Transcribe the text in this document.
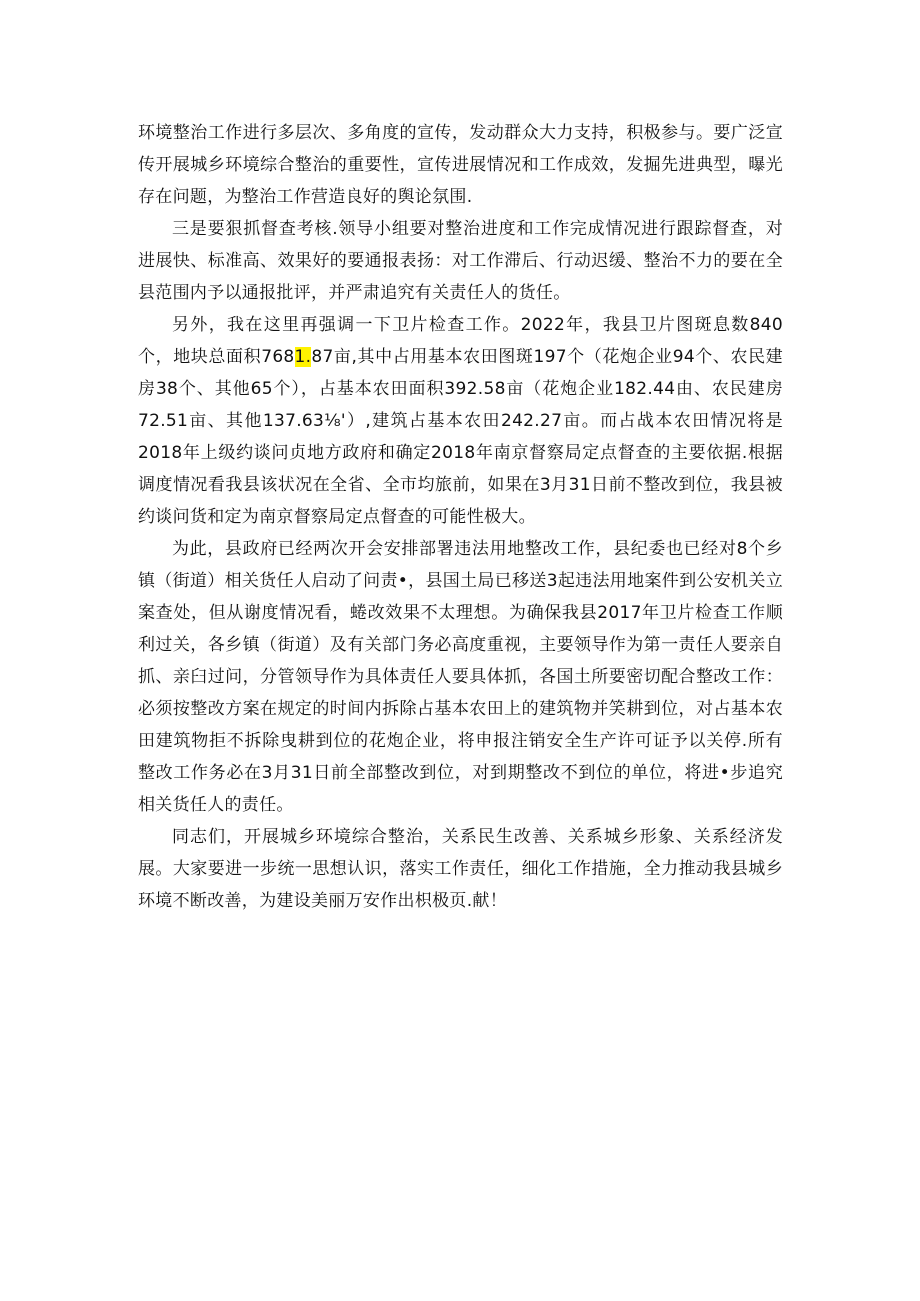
环境整治工作进行多层次、多角度的宣传，发动群众大力支持，积极参与。要广泛宣传开展城乡环境综合整治的重要性，宣传进展情况和工作成效，发掘先进典型，曝光存在问题，为整治工作营造良好的舆论氛围.

三是要狠抓督查考核.领导小组要对整治进度和工作完成情况进行跟踪督查，对进展快、标准高、效果好的要通报表扬：对工作滞后、行动迟缓、整治不力的要在全县范围内予以通报批评，并严肃追究有关责任人的货任。

另外，我在这里再强调一下卫片检查工作。2022年，我县卫片图斑息数840个，地块总面积7681.87亩,其中占用基本农田图斑197个（花炮企业94个、农民建房38个、其他65个），占基本农田面积392.58亩（花炮企业182.44由、农民建房72.51亩、其他137.63⅛'）,建筑占基本农田242.27亩。而占战本农田情况将是2018年上级约谈问贞地方政府和确定2018年南京督察局定点督查的主要依据.根据调度情况看我县该状况在全省、全市均旅前，如果在3月31日前不整改到位，我县被约谈问货和定为南京督察局定点督查的可能性极大。

为此，县政府已经两次开会安排部署违法用地整改工作，县纪委也已经对8个乡镇（街道）相关货任人启动了问责•，县国土局已移送3起违法用地案件到公安机关立案查处，但从谢度情况看，蜷改效果不太理想。为确保我县2017年卫片检查工作顺利过关，各乡镇（街道）及有关部门务必高度重视，主要领导作为第一责任人要亲自抓、亲臼过问，分管领导作为具体责任人要具体抓，各国土所要密切配合整改工作：必须按整改方案在规定的时间内拆除占基本农田上的建筑物并笑耕到位，对占基本农田建筑物拒不拆除曳耕到位的花炮企业，将申报注销安全生产许可证予以关停.所有整改工作务必在3月31日前全部整改到位，对到期整改不到位的单位，将进•步追究相关货任人的责任。

同志们，开展城乡环境综合整治，关系民生改善、关系城乡形象、关系经济发展。大家要进一步统一思想认识，落实工作责任，细化工作措施，全力推动我县城乡环境不断改善，为建设美丽万安作出枳极页.献！
